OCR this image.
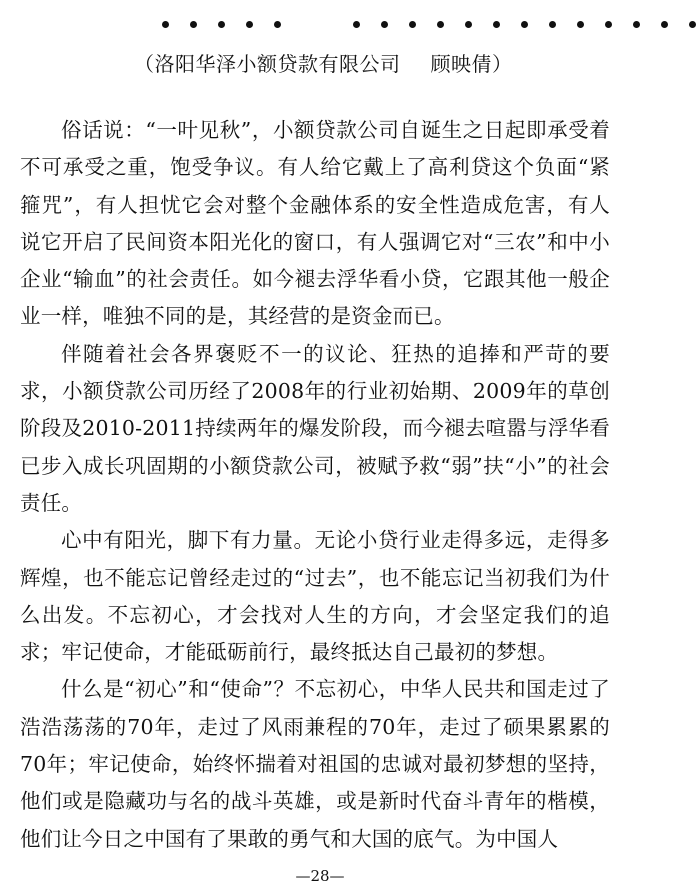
（洛阳华泽小额贷款有限公司 顾映倩）

俗话说：“一叶见秋”，小额贷款公司自诞生之日起即承受着不可承受之重，饱受争议。有人给它戴上了高利贷这个负面“紧箍咒”，有人担忧它会对整个金融体系的安全性造成危害，有人说它开启了民间资本阳光化的窗口，有人强调它对“三农”和中小企业“输血”的社会责任。如今褪去浮华看小贷，它跟其他一般企业一样，唯独不同的是，其经营的是资金而已。

伴随着社会各界褒贬不一的议论、狂热的追捧和严苛的要求，小额贷款公司历经了2008年的行业初始期、2009年的草创阶段及2010-2011持续两年的爆发阶段，而今褪去喧嚣与浮华看已步入成长巩固期的小额贷款公司，被赋予救“弱”扶“小”的社会责任。

心中有阳光，脚下有力量。无论小贷行业走得多远，走得多辉煌，也不能忘记曾经走过的“过去”，也不能忘记当初我们为什么出发。不忘初心，才会找对人生的方向，才会坚定我们的追求；牢记使命，才能砥砺前行，最终抵达自己最初的梦想。

什么是“初心”和“使命”？不忘初心，中华人民共和国走过了浩浩荡荡的70年，走过了风雨兼程的70年，走过了硕果累累的70年；牢记使命，始终怀揣着对祖国的忠诚对最初梦想的坚持，他们或是隐藏功与名的战斗英雄，或是新时代奋斗青年的楷模，他们让今日之中国有了果敢的勇气和大国的底气。为中国人

—28—
